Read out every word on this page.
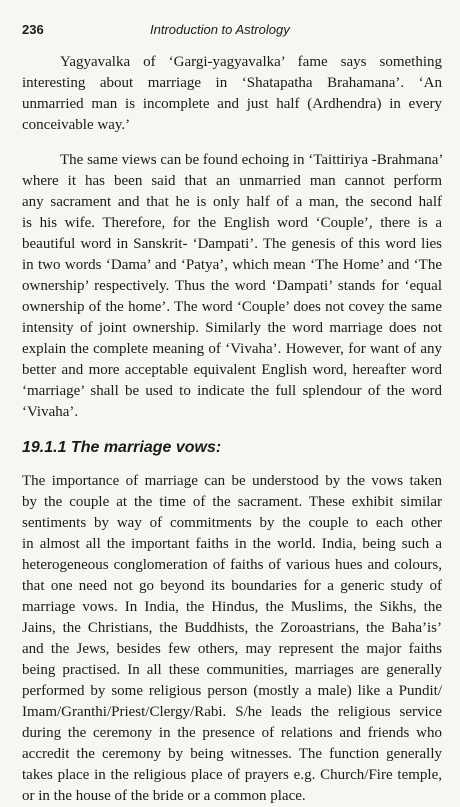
236	Introduction to Astrology
Yagyavalka of ‘Gargi-yagyavalka’ fame says something
interesting about marriage in ‘Shatapatha Brahamana’. ‘An
unmarried man is incomplete and just half (Ardhendra) in every
conceivable way.’
The same views can be found echoing in ‘Taittiriya -Brahmana’
where it has been said that an unmarried man cannot perform
any sacrament and that he is only half of a man, the second half
is his wife. Therefore, for the English word ‘Couple’, there is a
beautiful word in Sanskrit- ‘Dampati’. The genesis of this word lies
in two words ‘Dama’ and ‘Patya’, which mean ‘The Home’ and ‘The
ownership’ respectively. Thus the word ‘Dampati’ stands for ‘equal
ownership of the home’. The word ‘Couple’ does not covey the same
intensity of joint ownership. Similarly the word marriage does not
explain the complete meaning of ‘Vivaha’. However, for want of any
better and more acceptable equivalent English word, hereafter word
‘marriage’ shall be used to indicate the full splendour of the word
‘Vivaha’.
19.1.1 The marriage vows:
The importance of marriage can be understood by the vows taken
by the couple at the time of the sacrament. These exhibit similar
sentiments by way of commitments by the couple to each other
in almost all the important faiths in the world. India, being such a
heterogeneous conglomeration of faiths of various hues and colours,
that one need not go beyond its boundaries for a generic study of
marriage vows. In India, the Hindus, the Muslims, the Sikhs, the
Jains, the Christians, the Buddhists, the Zoroastrians, the Baha’is’
and the Jews, besides few others, may represent the major faiths
being practised. In all these communities, marriages are generally
performed by some religious person (mostly a male) like a Pundit/
Imam/Granthi/Priest/Clergy/Rabi. S/he leads the religious service
during the ceremony in the presence of relations and friends who
accredit the ceremony by being witnesses. The function generally
takes place in the religious place of prayers e.g. Church/Fire temple,
or in the house of the bride or a common place.
